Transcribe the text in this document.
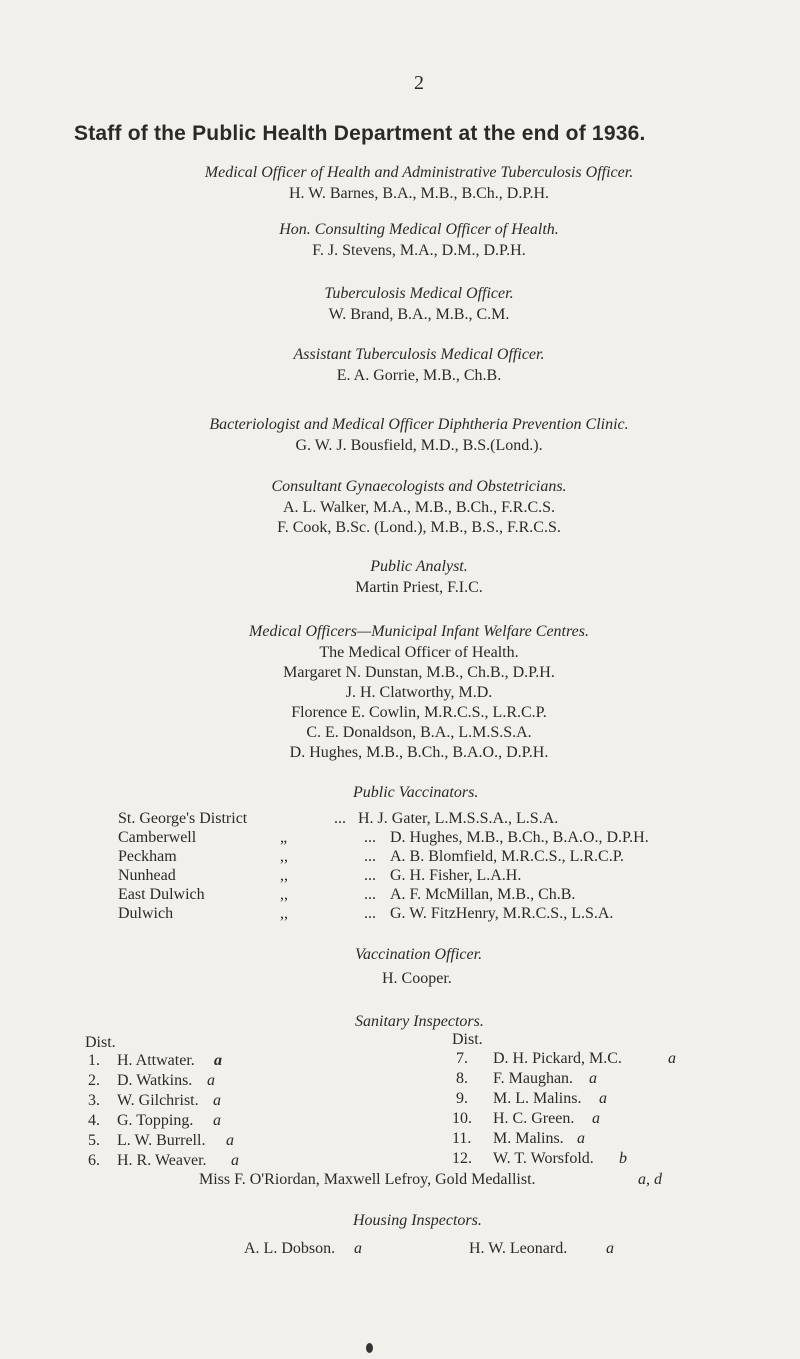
2
Staff of the Public Health Department at the end of 1936.
Medical Officer of Health and Administrative Tuberculosis Officer.
H. W. Barnes, B.A., M.B., B.Ch., D.P.H.
Hon. Consulting Medical Officer of Health.
F. J. Stevens, M.A., D.M., D.P.H.
Tuberculosis Medical Officer.
W. Brand, B.A., M.B., C.M.
Assistant Tuberculosis Medical Officer.
E. A. Gorrie, M.B., Ch.B.
Bacteriologist and Medical Officer Diphtheria Prevention Clinic.
G. W. J. Bousfield, M.D., B.S.(Lond.).
Consultant Gynaecologists and Obstetricians.
A. L. Walker, M.A., M.B., B.Ch., F.R.C.S.
F. Cook, B.Sc. (Lond.), M.B., B.S., F.R.C.S.
Public Analyst.
Martin Priest, F.I.C.
Medical Officers—Municipal Infant Welfare Centres.
The Medical Officer of Health.
Margaret N. Dunstan, M.B., Ch.B., D.P.H.
J. H. Clatworthy, M.D.
Florence E. Cowlin, M.R.C.S., L.R.C.P.
C. E. Donaldson, B.A., L.M.S.S.A.
D. Hughes, M.B., B.Ch., B.A.O., D.P.H.
Public Vaccinators.
St. George's District	... H. J. Gater, L.M.S.S.A., L.S.A.
Camberwell	„	... D. Hughes, M.B., B.Ch., B.A.O., D.P.H.
Peckham	,,	... A. B. Blomfield, M.R.C.S., L.R.C.P.
Nunhead	,,	... G. H. Fisher, L.A.H.
East Dulwich	,,	... A. F. McMillan, M.B., Ch.B.
Dulwich	,,	... G. W. FitzHenry, M.R.C.S., L.S.A.
Vaccination Officer.
H. Cooper.
Sanitary Inspectors.
Dist.	Dist.
1. H. Attwater. a
2. D. Watkins. a
3. W. Gilchrist. a
4. G. Topping. a
5. L. W. Burrell. a
6. H. R. Weaver. a
7. D. H. Pickard, M.C.	a
8. F. Maughan. a
9. M. L. Malins. a
10. H. C. Green. a
11. M. Malins. a
12. W. T. Worsfold. b
Miss F. O'Riordan, Maxwell Lefroy, Gold Medallist.	a, d
Housing Inspectors.
A. L. Dobson. a	H. W. Leonard. a
